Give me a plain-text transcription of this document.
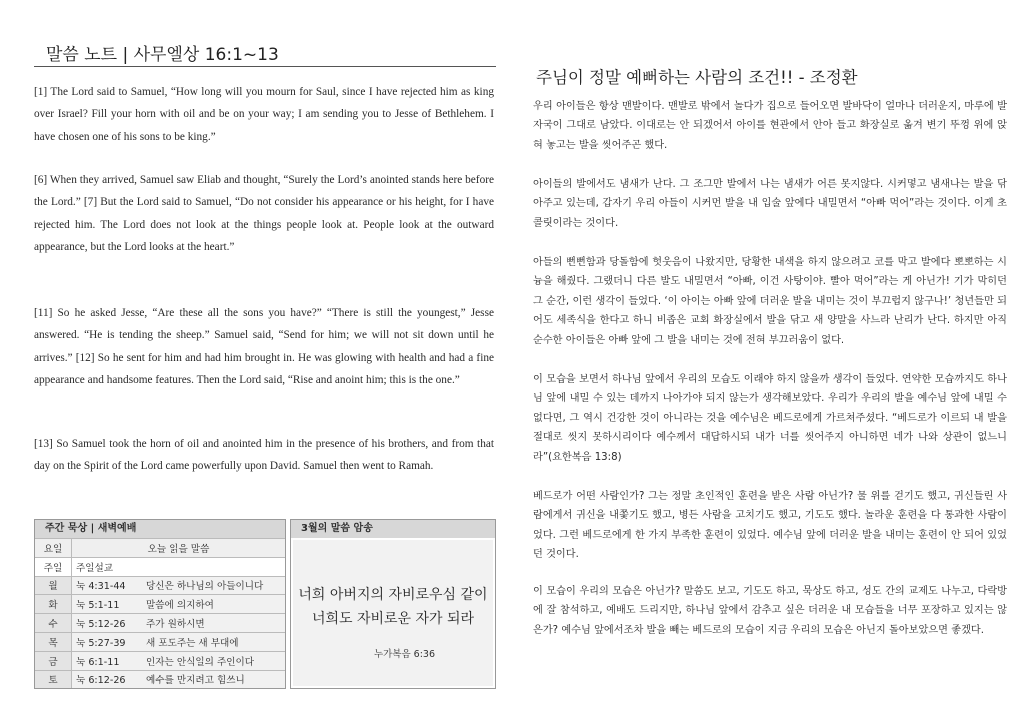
말씀 노트 | 사무엘상 16:1~13
[1] The Lord said to Samuel, “How long will you mourn for Saul, since I have rejected him as king over Israel? Fill your horn with oil and be on your way; I am sending you to Jesse of Bethlehem. I have chosen one of his sons to be king.”
[6] When they arrived, Samuel saw Eliab and thought, “Surely the Lord’s anointed stands here before the Lord.” [7] But the Lord said to Samuel, “Do not consider his appearance or his height, for I have rejected him. The Lord does not look at the things people look at. People look at the outward appearance, but the Lord looks at the heart.”
[11] So he asked Jesse, “Are these all the sons you have?” “There is still the youngest,” Jesse answered. “He is tending the sheep.” Samuel said, “Send for him; we will not sit down until he arrives.” [12] So he sent for him and had him brought in. He was glowing with health and had a fine appearance and handsome features. Then the Lord said, “Rise and anoint him; this is the one.”
[13] So Samuel took the horn of oil and anointed him in the presence of his brothers, and from that day on the Spirit of the Lord came powerfully upon David. Samuel then went to Ramah.
주간 묵상 | 새벽예배
요일	오늘 읽을 말씀
주일	주일설교
월	눅 4:31-44 당신은 하나님의 아들이니다
화	눅 5:1-11 말씀에 의지하여
수	눅 5:12-26 주가 원하시면
목	눅 5:27-39 새 포도주는 새 부대에
금	눅 6:1-11 인자는 안식일의 주인이다
토	눅 6:12-26 예수를 만지려고 힘쓰니
3월의 말씀 암송
너희 아버지의 자비로우심 같이
너희도 자비로운 자가 되라
누가복음 6:36
주님이 정말 예뻐하는 사람의 조건!! - 조정환
우리 아이들은 항상 맨발이다. 맨발로 밖에서 놀다가 집으로 들어오면 발바닥이 얼마나 더러운지, 마루에 발자국이 그대로 남았다. 이대로는 안 되겠어서 아이를 현관에서 안아 들고 화장실로 옮겨 변기 뚜껑 위에 앉혀 놓고는 발을 씻어주곤 했다.
아이들의 발에서도 냄새가 난다. 그 조그만 발에서 나는 냄새가 어른 못지않다. 시커멓고 냄새나는 발을 닦아주고 있는데, 갑자기 우리 아들이 시커먼 발을 내 입술 앞에다 내밀면서 “아빠 먹어”라는 것이다. 이게 초콜릿이라는 것이다.
아들의 뻔뻔함과 당돌함에 헛웃음이 나왔지만, 당황한 내색을 하지 않으려고 코를 막고 발에다 뽀뽀하는 시늉을 해줬다. 그랬더니 다른 발도 내밀면서 “아빠, 이건 사탕이야. 빨아 먹어”라는 게 아닌가! 기가 막히던 그 순간, 이런 생각이 들었다. ‘이 아이는 아빠 앞에 더러운 발을 내미는 것이 부끄럽지 않구나!’ 청년들만 되어도 세족식을 한다고 하니 비좁은 교회 화장실에서 발을 닦고 새 양말을 사느라 난리가 난다. 하지만 아직 순수한 아이들은 아빠 앞에 그 발을 내미는 것에 전혀 부끄러움이 없다.
이 모습을 보면서 하나님 앞에서 우리의 모습도 이래야 하지 않을까 생각이 들었다. 연약한 모습까지도 하나님 앞에 내밀 수 있는 데까지 나아가야 되지 않는가 생각해보았다. 우리가 우리의 발을 예수님 앞에 내밀 수 없다면, 그 역시 건강한 것이 아니라는 것을 예수님은 베드로에게 가르쳐주셨다. “베드로가 이르되 내 발을 절대로 씻지 못하시리이다 예수께서 대답하시되 내가 너를 씻어주지 아니하면 네가 나와 상관이 없느니라”(요한복음 13:8)
베드로가 어떤 사람인가? 그는 정말 초인적인 훈련을 받은 사람 아닌가? 물 위를 걷기도 했고, 귀신들린 사람에게서 귀신을 내쫓기도 했고, 병든 사람을 고치기도 했고, 기도도 했다. 놀라운 훈련을 다 통과한 사람이었다. 그런 베드로에게 한 가지 부족한 훈련이 있었다. 예수님 앞에 더러운 발을 내미는 훈련이 안 되어 있었던 것이다.
이 모습이 우리의 모습은 아닌가? 말씀도 보고, 기도도 하고, 묵상도 하고, 성도 간의 교제도 나누고, 다락방에 잘 참석하고, 예배도 드리지만, 하나님 앞에서 감추고 싶은 더러운 내 모습들을 너무 포장하고 있지는 않은가? 예수님 앞에서조차 발을 빼는 베드로의 모습이 지금 우리의 모습은 아닌지 돌아보았으면 좋겠다.
